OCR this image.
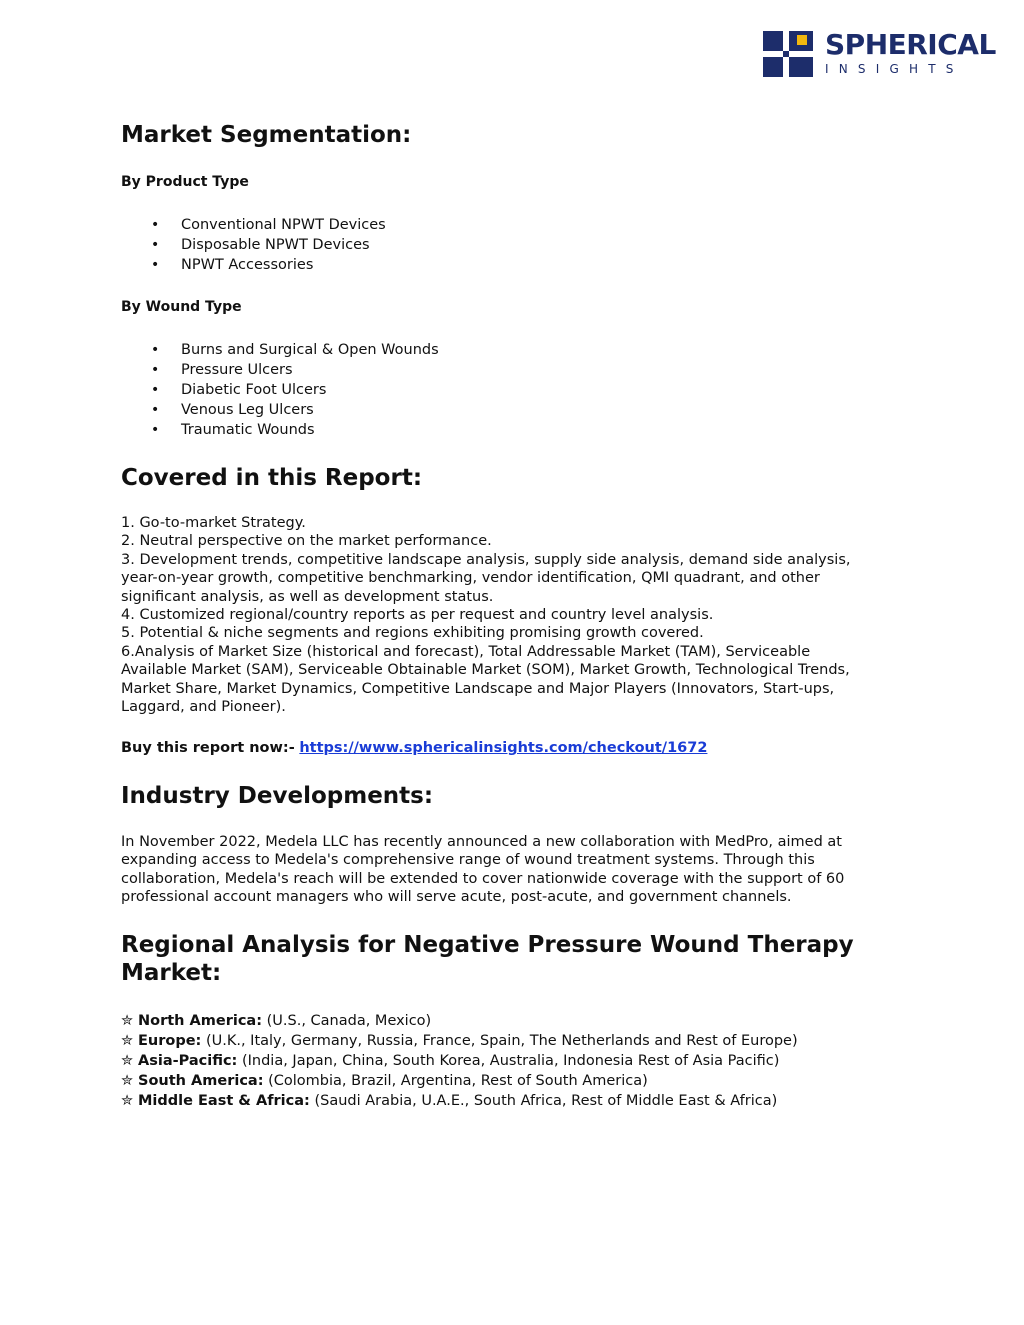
SPHERICAL
INSIGHTS
Market Segmentation:
By Product Type
• Conventional NPWT Devices
• Disposable NPWT Devices
• NPWT Accessories
By Wound Type
• Burns and Surgical & Open Wounds
• Pressure Ulcers
• Diabetic Foot Ulcers
• Venous Leg Ulcers
• Traumatic Wounds
Covered in this Report:
1. Go-to-market Strategy.
2. Neutral perspective on the market performance.
3. Development trends, competitive landscape analysis, supply side analysis, demand side analysis,
year-on-year growth, competitive benchmarking, vendor identification, QMI quadrant, and other
significant analysis, as well as development status.
4. Customized regional/country reports as per request and country level analysis.
5. Potential & niche segments and regions exhibiting promising growth covered.
6.Analysis of Market Size (historical and forecast), Total Addressable Market (TAM), Serviceable
Available Market (SAM), Serviceable Obtainable Market (SOM), Market Growth, Technological Trends,
Market Share, Market Dynamics, Competitive Landscape and Major Players (Innovators, Start-ups,
Laggard, and Pioneer).
Buy this report now:- https://www.sphericalinsights.com/checkout/1672
Industry Developments:
In November 2022, Medela LLC has recently announced a new collaboration with MedPro, aimed at
expanding access to Medela's comprehensive range of wound treatment systems. Through this
collaboration, Medela's reach will be extended to cover nationwide coverage with the support of 60
professional account managers who will serve acute, post-acute, and government channels.
Regional Analysis for Negative Pressure Wound Therapy
Market:
✮ North America: (U.S., Canada, Mexico)
✮ Europe: (U.K., Italy, Germany, Russia, France, Spain, The Netherlands and Rest of Europe)
✮ Asia-Pacific: (India, Japan, China, South Korea, Australia, Indonesia Rest of Asia Pacific)
✮ South America: (Colombia, Brazil, Argentina, Rest of South America)
✮ Middle East & Africa: (Saudi Arabia, U.A.E., South Africa, Rest of Middle East & Africa)
